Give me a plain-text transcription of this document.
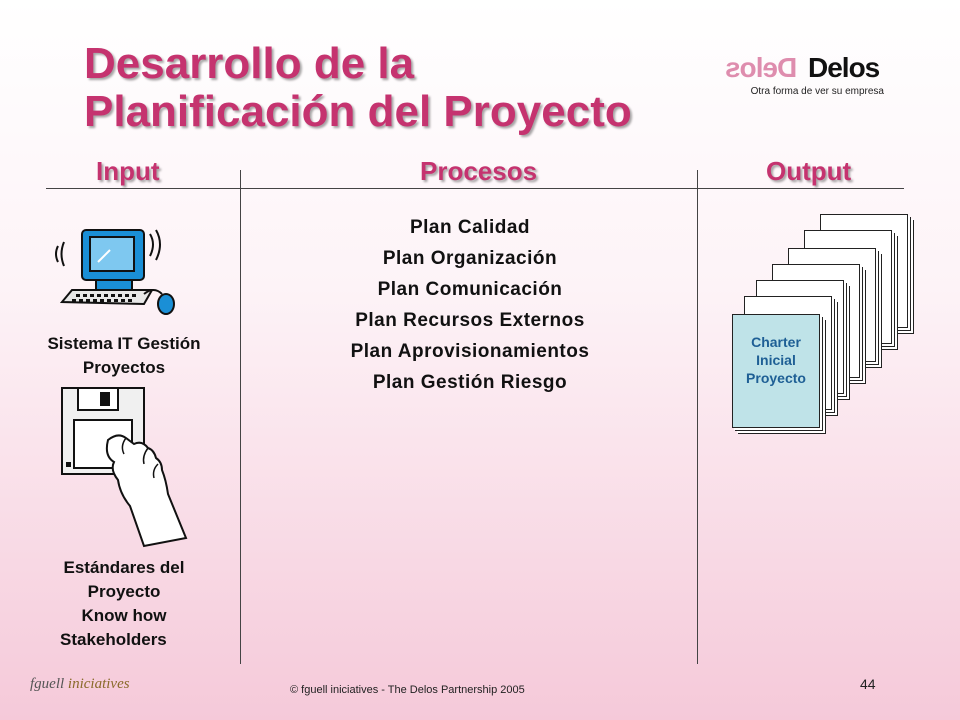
Desarrollo de la
Planificación del Proyecto
Delos Delos
Otra forma de ver su empresa
Input	Procesos	Output
Sistema IT Gestión
Proyectos
Estándares del
Proyecto
Know how
Stakeholders
Plan Calidad
Plan Organización
Plan Comunicación
Plan Recursos Externos
Plan Aprovisionamientos
Plan Gestión Riesgo
Charter
Inicial
Proyecto
fguell iniciatives	© fguell iniciatives - The Delos Partnership 2005	44
